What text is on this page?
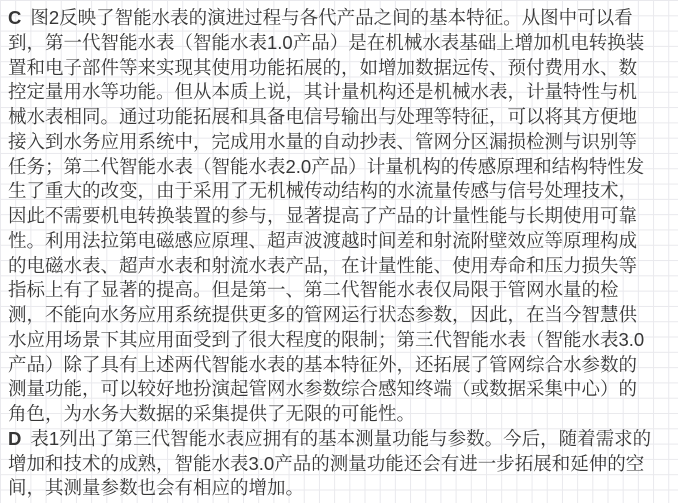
C 图2反映了智能水表的演进过程与各代产品之间的基本特征。从图中可以看
到，第一代智能水表（智能水表1.0产品）是在机械水表基础上增加机电转换装
置和电子部件等来实现其使用功能拓展的，如增加数据远传、预付费用水、数
控定量用水等功能。但从本质上说，其计量机构还是机械水表，计量特性与机
械水表相同。通过功能拓展和具备电信号输出与处理等特征，可以将其方便地
接入到水务应用系统中，完成用水量的自动抄表、管网分区漏损检测与识别等
任务；第二代智能水表（智能水表2.0产品）计量机构的传感原理和结构特性发
生了重大的改变，由于采用了无机械传动结构的水流量传感与信号处理技术，
因此不需要机电转换装置的参与，显著提高了产品的计量性能与长期使用可靠
性。利用法拉第电磁感应原理、超声波渡越时间差和射流附壁效应等原理构成
的电磁水表、超声水表和射流水表产品，在计量性能、使用寿命和压力损失等
指标上有了显著的提高。但是第一、第二代智能水表仅局限于管网水量的检
测，不能向水务应用系统提供更多的管网运行状态参数，因此，在当今智慧供
水应用场景下其应用面受到了很大程度的限制；第三代智能水表（智能水表3.0
产品）除了具有上述两代智能水表的基本特征外，还拓展了管网综合水参数的
测量功能，可以较好地扮演起管网水参数综合感知终端（或数据采集中心）的
角色，为水务大数据的采集提供了无限的可能性。
D 表1列出了第三代智能水表应拥有的基本测量功能与参数。今后，随着需求的
增加和技术的成熟，智能水表3.0产品的测量功能还会有进一步拓展和延伸的空
间，其测量参数也会有相应的增加。
